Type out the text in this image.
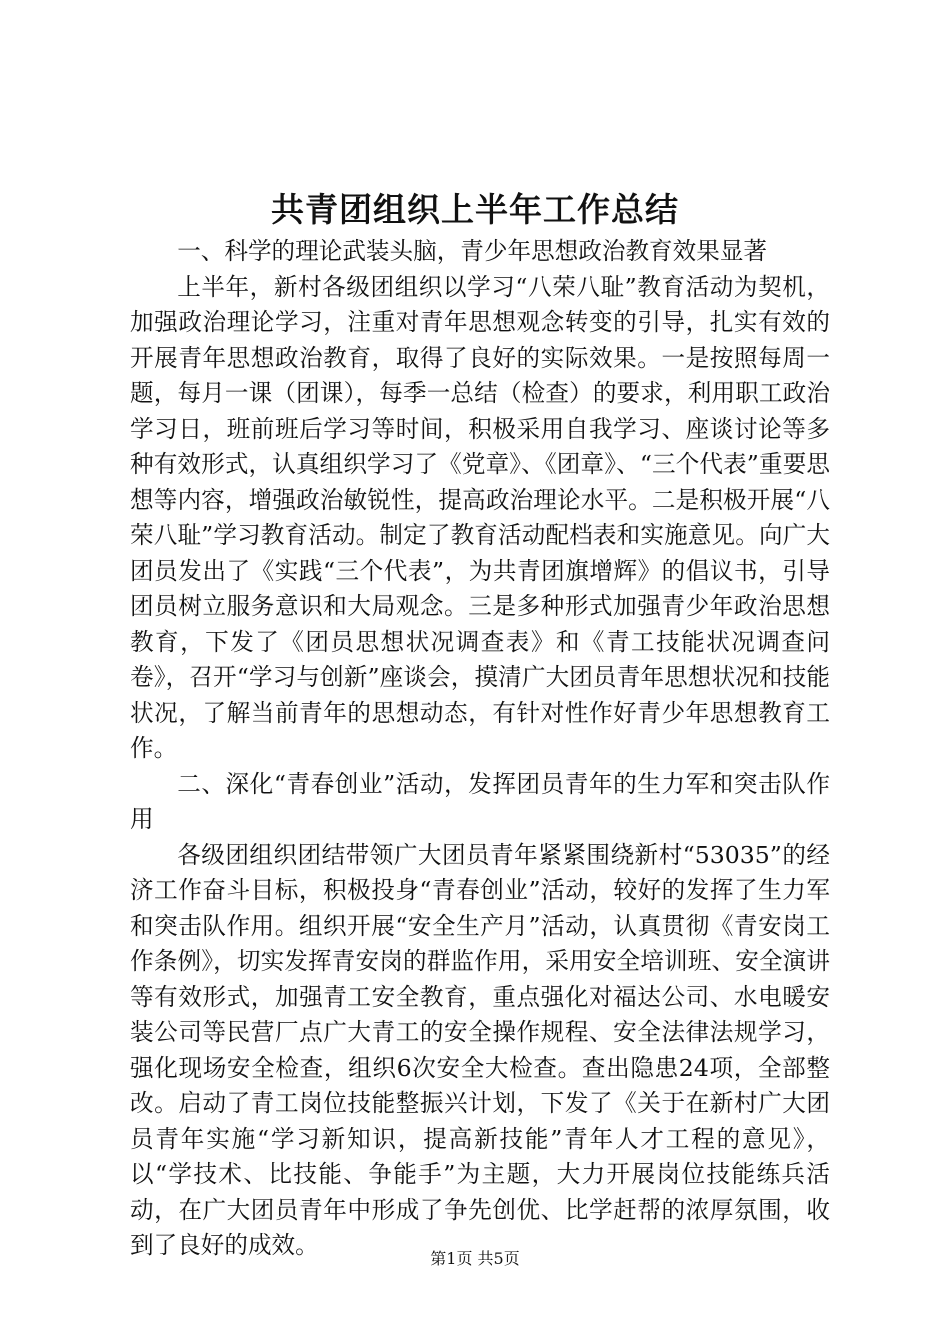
共青团组织上半年工作总结

一、科学的理论武装头脑，青少年思想政治教育效果显著

上半年，新村各级团组织以学习“八荣八耻”教育活动为契机，加强政治理论学习，注重对青年思想观念转变的引导，扎实有效的开展青年思想政治教育，取得了良好的实际效果。一是按照每周一题，每月一课（团课），每季一总结（检查）的要求，利用职工政治学习日，班前班后学习等时间，积极采用自我学习、座谈讨论等多种有效形式，认真组织学习了《党章》、《团章》、“三个代表”重要思想等内容，增强政治敏锐性，提高政治理论水平。二是积极开展“八荣八耻”学习教育活动。制定了教育活动配档表和实施意见。向广大团员发出了《实践“三个代表”，为共青团旗增辉》的倡议书，引导团员树立服务意识和大局观念。三是多种形式加强青少年政治思想教育，下发了《团员思想状况调查表》和《青工技能状况调查问卷》，召开“学习与创新”座谈会，摸清广大团员青年思想状况和技能状况，了解当前青年的思想动态，有针对性作好青少年思想教育工作。

二、深化“青春创业”活动，发挥团员青年的生力军和突击队作用

各级团组织团结带领广大团员青年紧紧围绕新村“53035”的经济工作奋斗目标，积极投身“青春创业”活动，较好的发挥了生力军和突击队作用。组织开展“安全生产月”活动，认真贯彻《青安岗工作条例》，切实发挥青安岗的群监作用，采用安全培训班、安全演讲等有效形式，加强青工安全教育，重点强化对福达公司、水电暖安装公司等民营厂点广大青工的安全操作规程、安全法律法规学习，强化现场安全检查，组织6次安全大检查。查出隐患24项，全部整改。启动了青工岗位技能整振兴计划，下发了《关于在新村广大团员青年实施“学习新知识，提高新技能”青年人才工程的意见》，以“学技术、比技能、争能手”为主题，大力开展岗位技能练兵活动，在广大团员青年中形成了争先创优、比学赶帮的浓厚氛围，收到了良好的成效。	第1页 共5页
